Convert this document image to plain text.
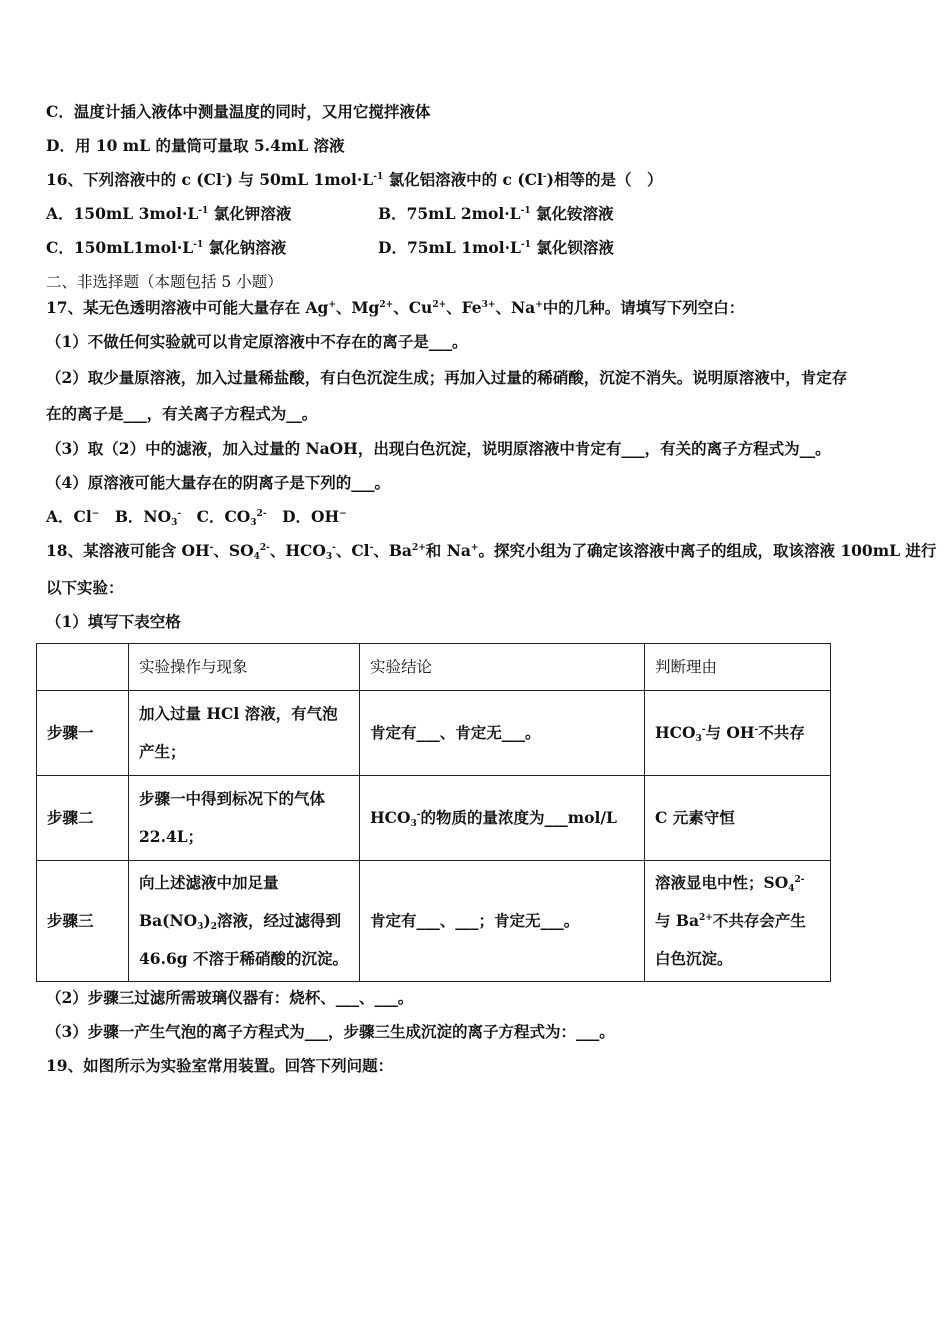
C．温度计插入液体中测量温度的同时，又用它搅拌液体
D．用 10 mL 的量筒可量取 5.4mL 溶液
16、下列溶液中的 c (Cl-) 与 50mL $1mol\cdot L^{-1}$ 氯化铝溶液中的 c (Cl-)相等的是（　）
A．150mL $3mol\cdot L^{-1}$ 氯化钾溶液	B．75mL $2mol\cdot L^{-1}$ 氯化铵溶液
C．$150mL1mol\cdot L^{-1}$ 氯化钠溶液	D．75mL $1mol\cdot L^{-1}$ 氯化钡溶液
二、非选择题（本题包括 5 小题）
17、某无色透明溶液中可能大量存在 Ag+、$Mg^{2+}$、$Cu^{2+}$、$Fe^{3+}$、Na+中的几种。请填写下列空白：
（1）不做任何实验就可以肯定原溶液中不存在的离子是___。
（2）取少量原溶液，加入过量稀盐酸，有白色沉淀生成；再加入过量的稀硝酸，沉淀不消失。说明原溶液中，肯定存
在的离子是___，有关离子方程式为__。
（3）取（2）中的滤液，加入过量的 NaOH，出现白色沉淀，说明原溶液中肯定有___，有关的离子方程式为__。
（4）原溶液可能大量存在的阴离子是下列的___。
A．Cl−　B．$NO_3^-$　C．$CO_3^{2-}$　D．OH−
18、某溶液可能含 OH-、$SO_4^{2-}$、$HCO_3^-$、Cl-、$Ba^{2+}$和 Na+。探究小组为了确定该溶液中离子的组成，取该溶液 100mL 进行
以下实验：
（1）填写下表空格
	实验操作与现象	实验结论	判断理由
步骤一	加入过量 HCl 溶液，有气泡产生；	肯定有___、肯定无___。	$HCO_3^-$与 OH-不共存
步骤二	步骤一中得到标况下的气体 22.4L；	$HCO_3^-$的物质的量浓度为___mol/L	C 元素守恒
步骤三	向上述滤液中加足量
$Ba(NO_3)_2$溶液，经过滤得到
46.6g 不溶于稀硝酸的沉淀。	肯定有___、___；肯定无___。	溶液显电中性；$SO_4^{2-}$
与 $Ba^{2+}$不共存会产生
白色沉淀。
（2）步骤三过滤所需玻璃仪器有：烧杯、___、___。
（3）步骤一产生气泡的离子方程式为___，步骤三生成沉淀的离子方程式为：___。
19、如图所示为实验室常用装置。回答下列问题：
